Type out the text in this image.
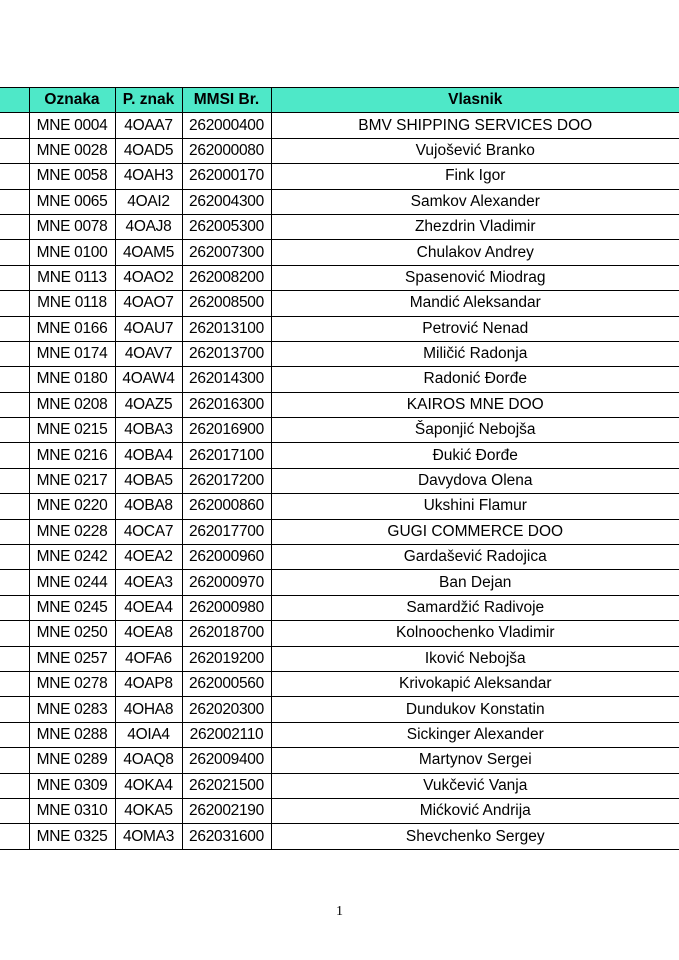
	Oznaka	P. znak	MMSI Br.	Vlasnik
	MNE 0004	4OAA7	262000400	BMV SHIPPING SERVICES DOO
	MNE 0028	4OAD5	262000080	Vujošević Branko
	MNE 0058	4OAH3	262000170	Fink Igor
	MNE 0065	4OAI2	262004300	Samkov Alexander
	MNE 0078	4OAJ8	262005300	Zhezdrin Vladimir
	MNE 0100	4OAM5	262007300	Chulakov Andrey
	MNE 0113	4OAO2	262008200	Spasenović Miodrag
	MNE 0118	4OAO7	262008500	Mandić Aleksandar
	MNE 0166	4OAU7	262013100	Petrović Nenad
	MNE 0174	4OAV7	262013700	Miličić Radonja
	MNE 0180	4OAW4	262014300	Radonić Đorđe
	MNE 0208	4OAZ5	262016300	KAIROS MNE DOO
	MNE 0215	4OBA3	262016900	Šaponjić Nebojša
	MNE 0216	4OBA4	262017100	Đukić Đorđe
	MNE 0217	4OBA5	262017200	Davydova Olena
	MNE 0220	4OBA8	262000860	Ukshini Flamur
	MNE 0228	4OCA7	262017700	GUGI COMMERCE DOO
	MNE 0242	4OEA2	262000960	Gardašević Radojica
	MNE 0244	4OEA3	262000970	Ban Dejan
	MNE 0245	4OEA4	262000980	Samardžić Radivoje
	MNE 0250	4OEA8	262018700	Kolnoochenko Vladimir
	MNE 0257	4OFA6	262019200	Iković Nebojša
	MNE 0278	4OAP8	262000560	Krivokapić Aleksandar
	MNE 0283	4OHA8	262020300	Dundukov Konstatin
	MNE 0288	4OIA4	262002110	Sickinger Alexander
	MNE 0289	4OAQ8	262009400	Martynov Sergei
	MNE 0309	4OKA4	262021500	Vukčević Vanja
	MNE 0310	4OKA5	262002190	Mićković Andrija
	MNE 0325	4OMA3	262031600	Shevchenko Sergey
1
